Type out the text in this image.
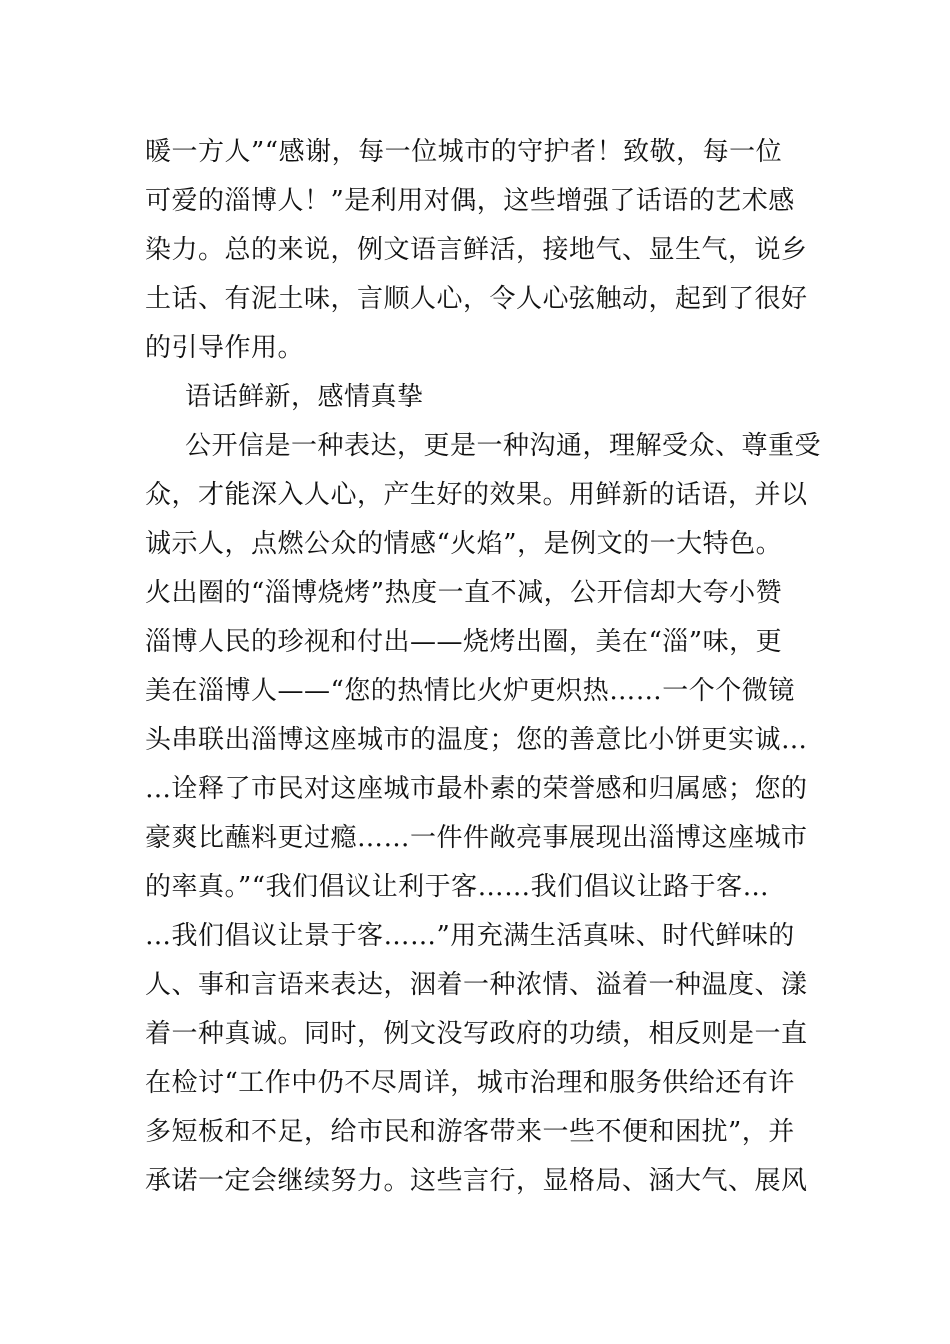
暖一方人”“感谢，每一位城市的守护者！致敬，每一位
可爱的淄博人！”是利用对偶，这些增强了话语的艺术感
染力。总的来说，例文语言鲜活，接地气、显生气，说乡
土话、有泥土味，言顺人心，令人心弦触动，起到了很好
的引导作用。
语话鲜新，感情真挚
公开信是一种表达，更是一种沟通，理解受众、尊重受
众，才能深入人心，产生好的效果。用鲜新的话语，并以
诚示人，点燃公众的情感“火焰”，是例文的一大特色。
火出圈的“淄博烧烤”热度一直不减，公开信却大夸小赞
淄博人民的珍视和付出——烧烤出圈，美在“淄”味，更
美在淄博人——“您的热情比火炉更炽热……一个个微镜
头串联出淄博这座城市的温度；您的善意比小饼更实诚…
…诠释了市民对这座城市最朴素的荣誉感和归属感；您的
豪爽比蘸料更过瘾……一件件敞亮事展现出淄博这座城市
的率真。”“我们倡议让利于客……我们倡议让路于客…
…我们倡议让景于客……”用充满生活真味、时代鲜味的
人、事和言语来表达，洇着一种浓情、溢着一种温度、漾
着一种真诚。同时，例文没写政府的功绩，相反则是一直
在检讨“工作中仍不尽周详，城市治理和服务供给还有许
多短板和不足，给市民和游客带来一些不便和困扰”，并
承诺一定会继续努力。这些言行，显格局、涵大气、展风
